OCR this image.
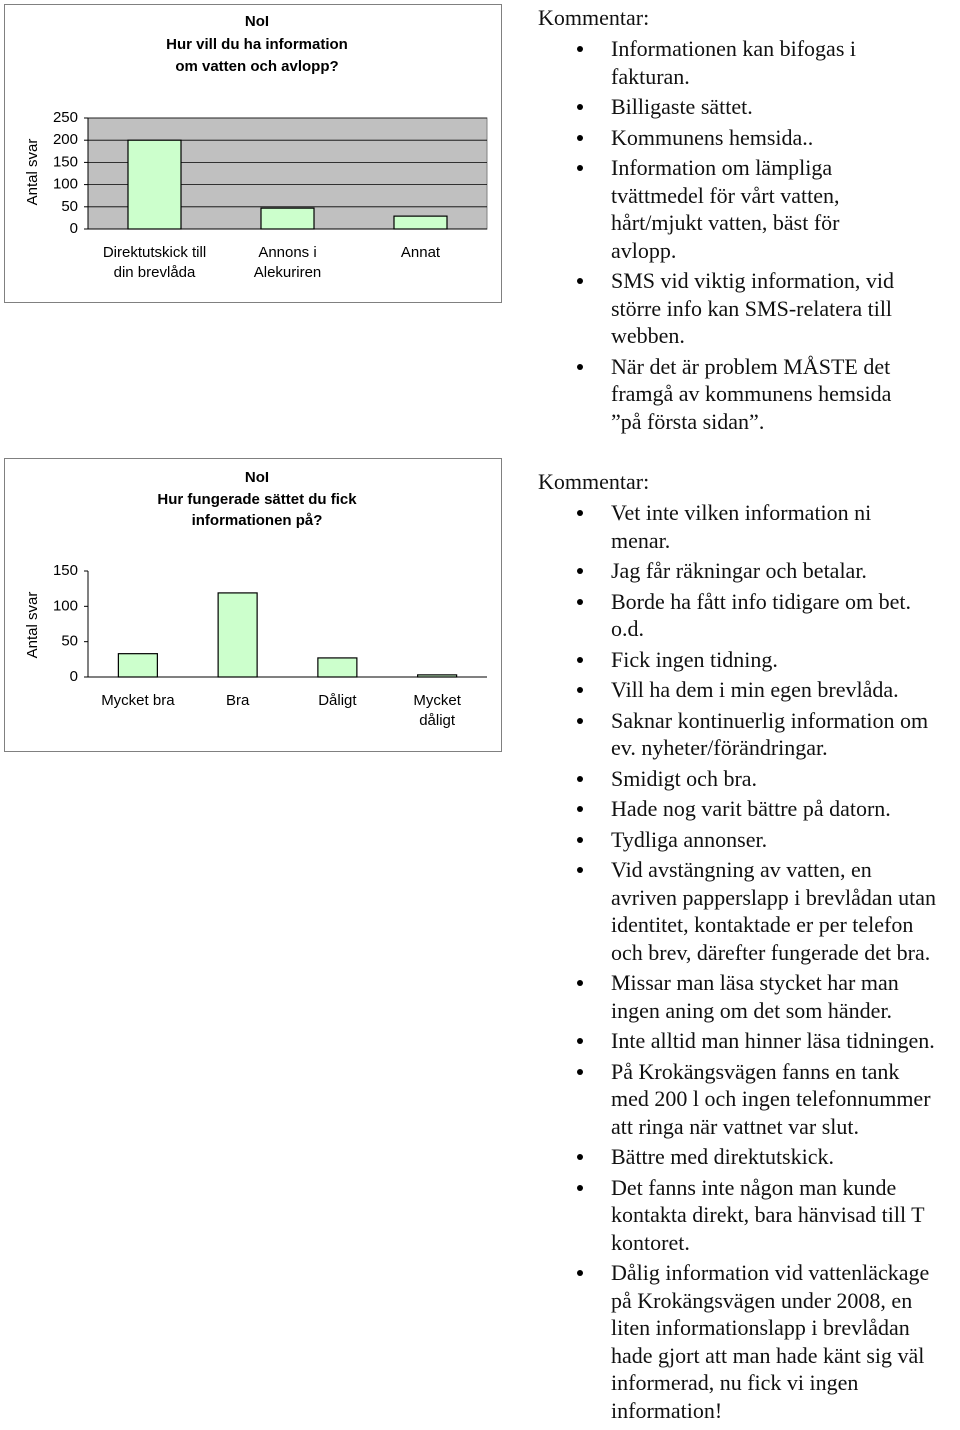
0
50
100
150
200
250
Direktutskick till
din brevlåda
Annons i
Alekuriren
Annat
NoI
Hur vill du ha information
om vatten och avlopp?
Antal svar
0
50
100
150
Mycket bra	Bra	Dåligt	Mycket
dåligt
NoI
Hur fungerade sättet du fick
informationen på?
Antal svar
Kommentar:
Informationen kan bifogas i
fakturan.
Billigaste sättet.
Kommunens hemsida..
Information om lämpliga
tvättmedel för vårt vatten,
hårt/mjukt vatten, bäst för
avlopp.
SMS vid viktig information, vid
större info kan SMS-relatera till
webben.
När det är problem MÅSTE det
framgå av kommunens hemsida
”på första sidan”.
Kommentar:
Vet inte vilken information ni
menar.
Jag får räkningar och betalar.
Borde ha fått info tidigare om bet.
o.d.
Fick ingen tidning.
Vill ha dem i min egen brevlåda.
Saknar kontinuerlig information om
ev. nyheter/förändringar.
Smidigt och bra.
Hade nog varit bättre på datorn.
Tydliga annonser.
Vid avstängning av vatten, en
avriven papperslapp i brevlådan utan
identitet, kontaktade er per telefon
och brev, därefter fungerade det bra.
Missar man läsa stycket har man
ingen aning om det som händer.
Inte alltid man hinner läsa tidningen.
På Krokängsvägen fanns en tank
med 200 l och ingen telefonnummer
att ringa när vattnet var slut.
Bättre med direktutskick.
Det fanns inte någon man kunde
kontakta direkt, bara hänvisad till T
kontoret.
Dålig information vid vattenläckage
på Krokängsvägen under 2008, en
liten informationslapp i brevlådan
hade gjort att man hade känt sig väl
informerad, nu fick vi ingen
information!
